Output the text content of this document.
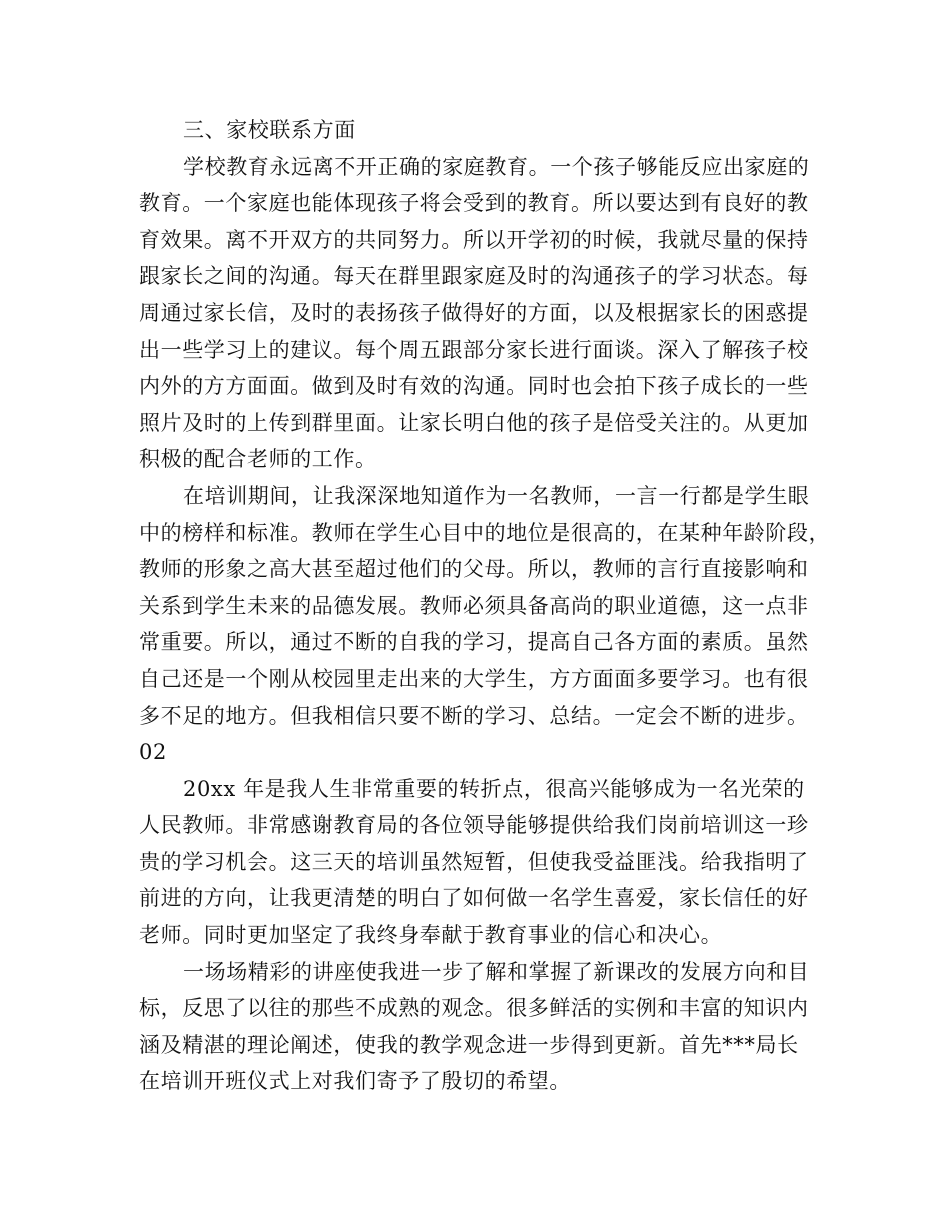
三、家校联系方面
学校教育永远离不开正确的家庭教育。一个孩子够能反应出家庭的
教育。一个家庭也能体现孩子将会受到的教育。所以要达到有良好的教
育效果。离不开双方的共同努力。所以开学初的时候，我就尽量的保持
跟家长之间的沟通。每天在群里跟家庭及时的沟通孩子的学习状态。每
周通过家长信，及时的表扬孩子做得好的方面，以及根据家长的困惑提
出一些学习上的建议。每个周五跟部分家长进行面谈。深入了解孩子校
内外的方方面面。做到及时有效的沟通。同时也会拍下孩子成长的一些
照片及时的上传到群里面。让家长明白他的孩子是倍受关注的。从更加
积极的配合老师的工作。
在培训期间，让我深深地知道作为一名教师，一言一行都是学生眼
中的榜样和标准。教师在学生心目中的地位是很高的，在某种年龄阶段，
教师的形象之高大甚至超过他们的父母。所以，教师的言行直接影响和
关系到学生未来的品德发展。教师必须具备高尚的职业道德，这一点非
常重要。所以，通过不断的自我的学习，提高自己各方面的素质。虽然
自己还是一个刚从校园里走出来的大学生，方方面面多要学习。也有很
多不足的地方。但我相信只要不断的学习、总结。一定会不断的进步。
02
20xx 年是我人生非常重要的转折点，很高兴能够成为一名光荣的
人民教师。非常感谢教育局的各位领导能够提供给我们岗前培训这一珍
贵的学习机会。这三天的培训虽然短暂，但使我受益匪浅。给我指明了
前进的方向，让我更清楚的明白了如何做一名学生喜爱，家长信任的好
老师。同时更加坚定了我终身奉献于教育事业的信心和决心。
一场场精彩的讲座使我进一步了解和掌握了新课改的发展方向和目
标，反思了以往的那些不成熟的观念。很多鲜活的实例和丰富的知识内
涵及精湛的理论阐述，使我的教学观念进一步得到更新。首先***局长
在培训开班仪式上对我们寄予了殷切的希望。
